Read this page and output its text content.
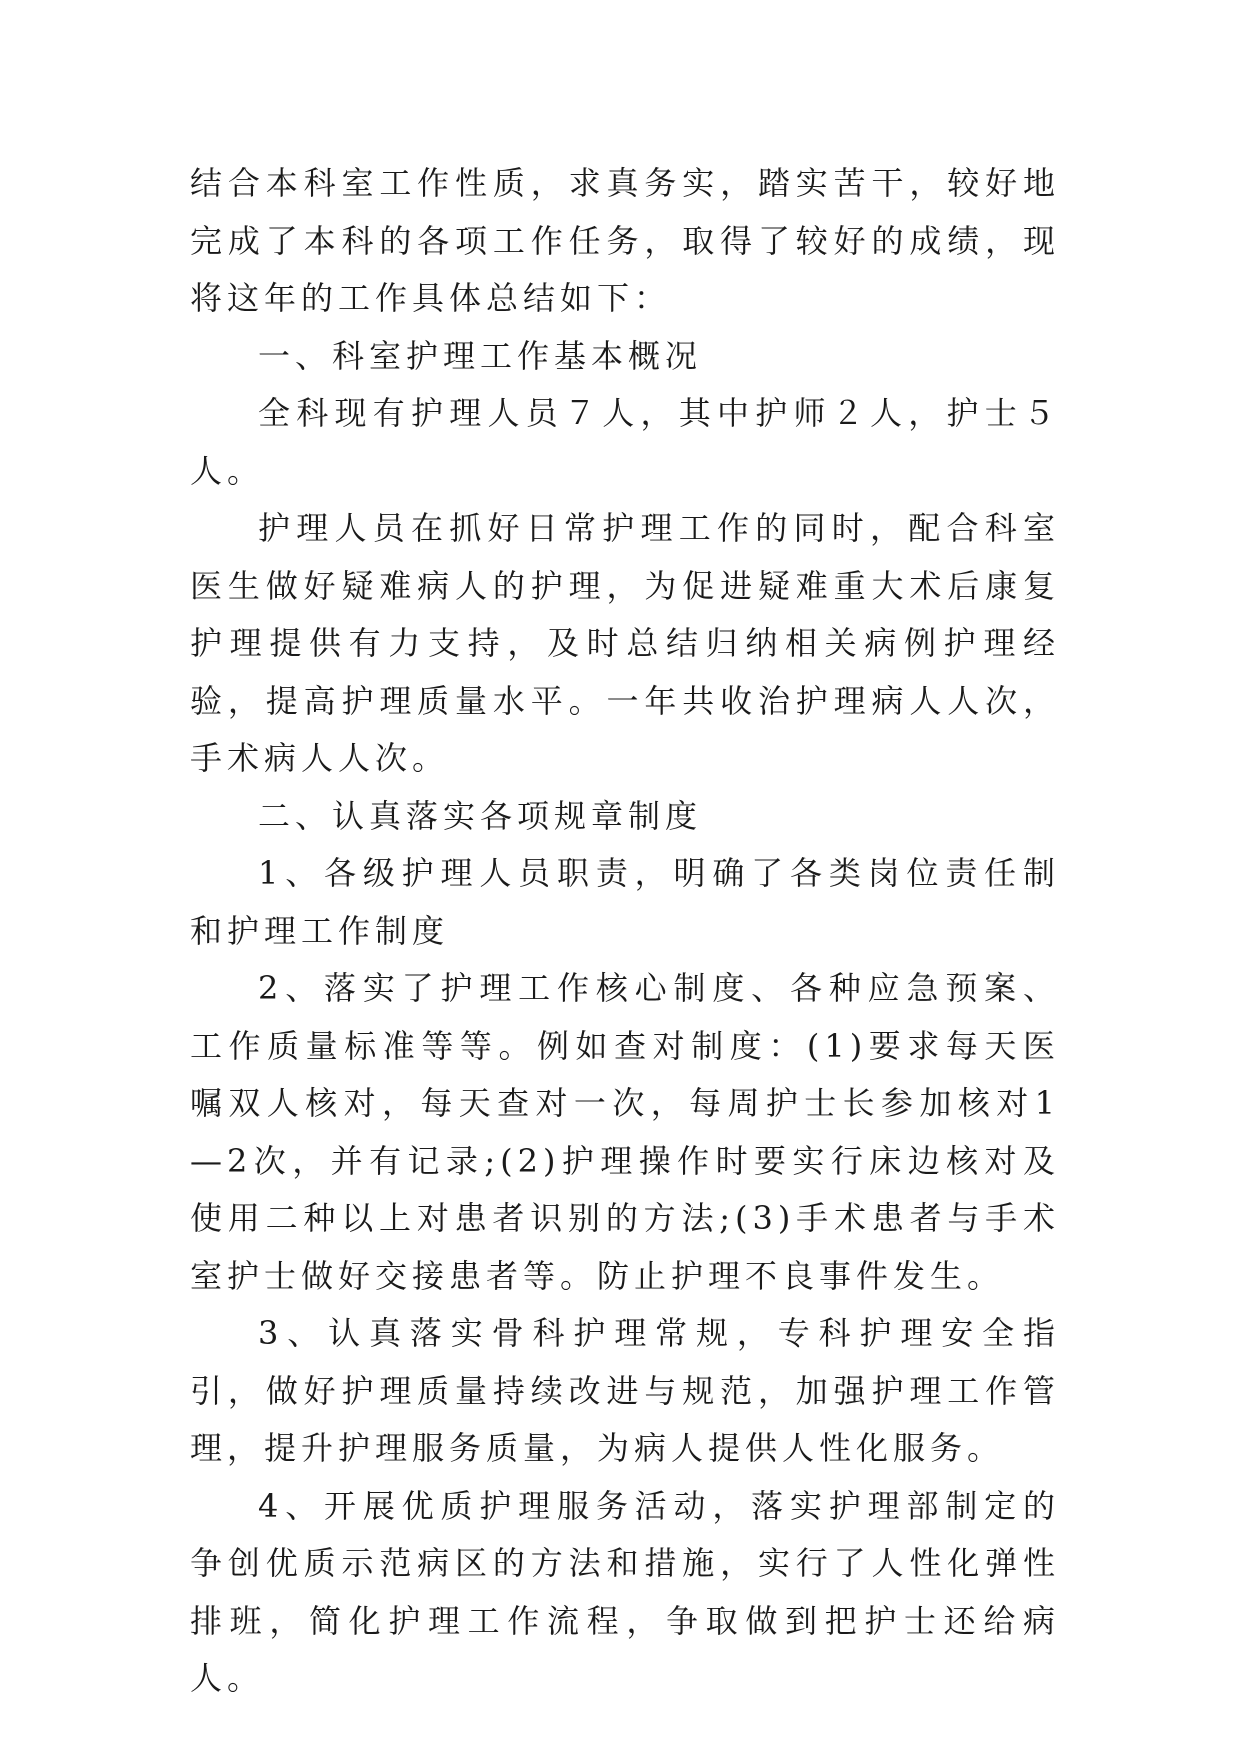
结合本科室工作性质，求真务实，踏实苦干，较好地完成了本科的各项工作任务，取得了较好的成绩，现将这年的工作具体总结如下：

一、科室护理工作基本概况

全科现有护理人员７人，其中护师２人，护士５人。

护理人员在抓好日常护理工作的同时，配合科室医生做好疑难病人的护理，为促进疑难重大术后康复护理提供有力支持，及时总结归纳相关病例护理经验，提高护理质量水平。一年共收治护理病人人次，手术病人人次。

二、认真落实各项规章制度

1、各级护理人员职责，明确了各类岗位责任制和护理工作制度

2、落实了护理工作核心制度、各种应急预案、工作质量标准等等。例如查对制度：(1)要求每天医嘱双人核对，每天查对一次，每周护士长参加核对1—2次，并有记录;(2)护理操作时要实行床边核对及使用二种以上对患者识别的方法;(3)手术患者与手术室护士做好交接患者等。防止护理不良事件发生。

3、认真落实骨科护理常规，专科护理安全指引，做好护理质量持续改进与规范，加强护理工作管理，提升护理服务质量，为病人提供人性化服务。

4、开展优质护理服务活动，落实护理部制定的争创优质示范病区的方法和措施，实行了人性化弹性排班，简化护理工作流程，争取做到把护士还给病人。
